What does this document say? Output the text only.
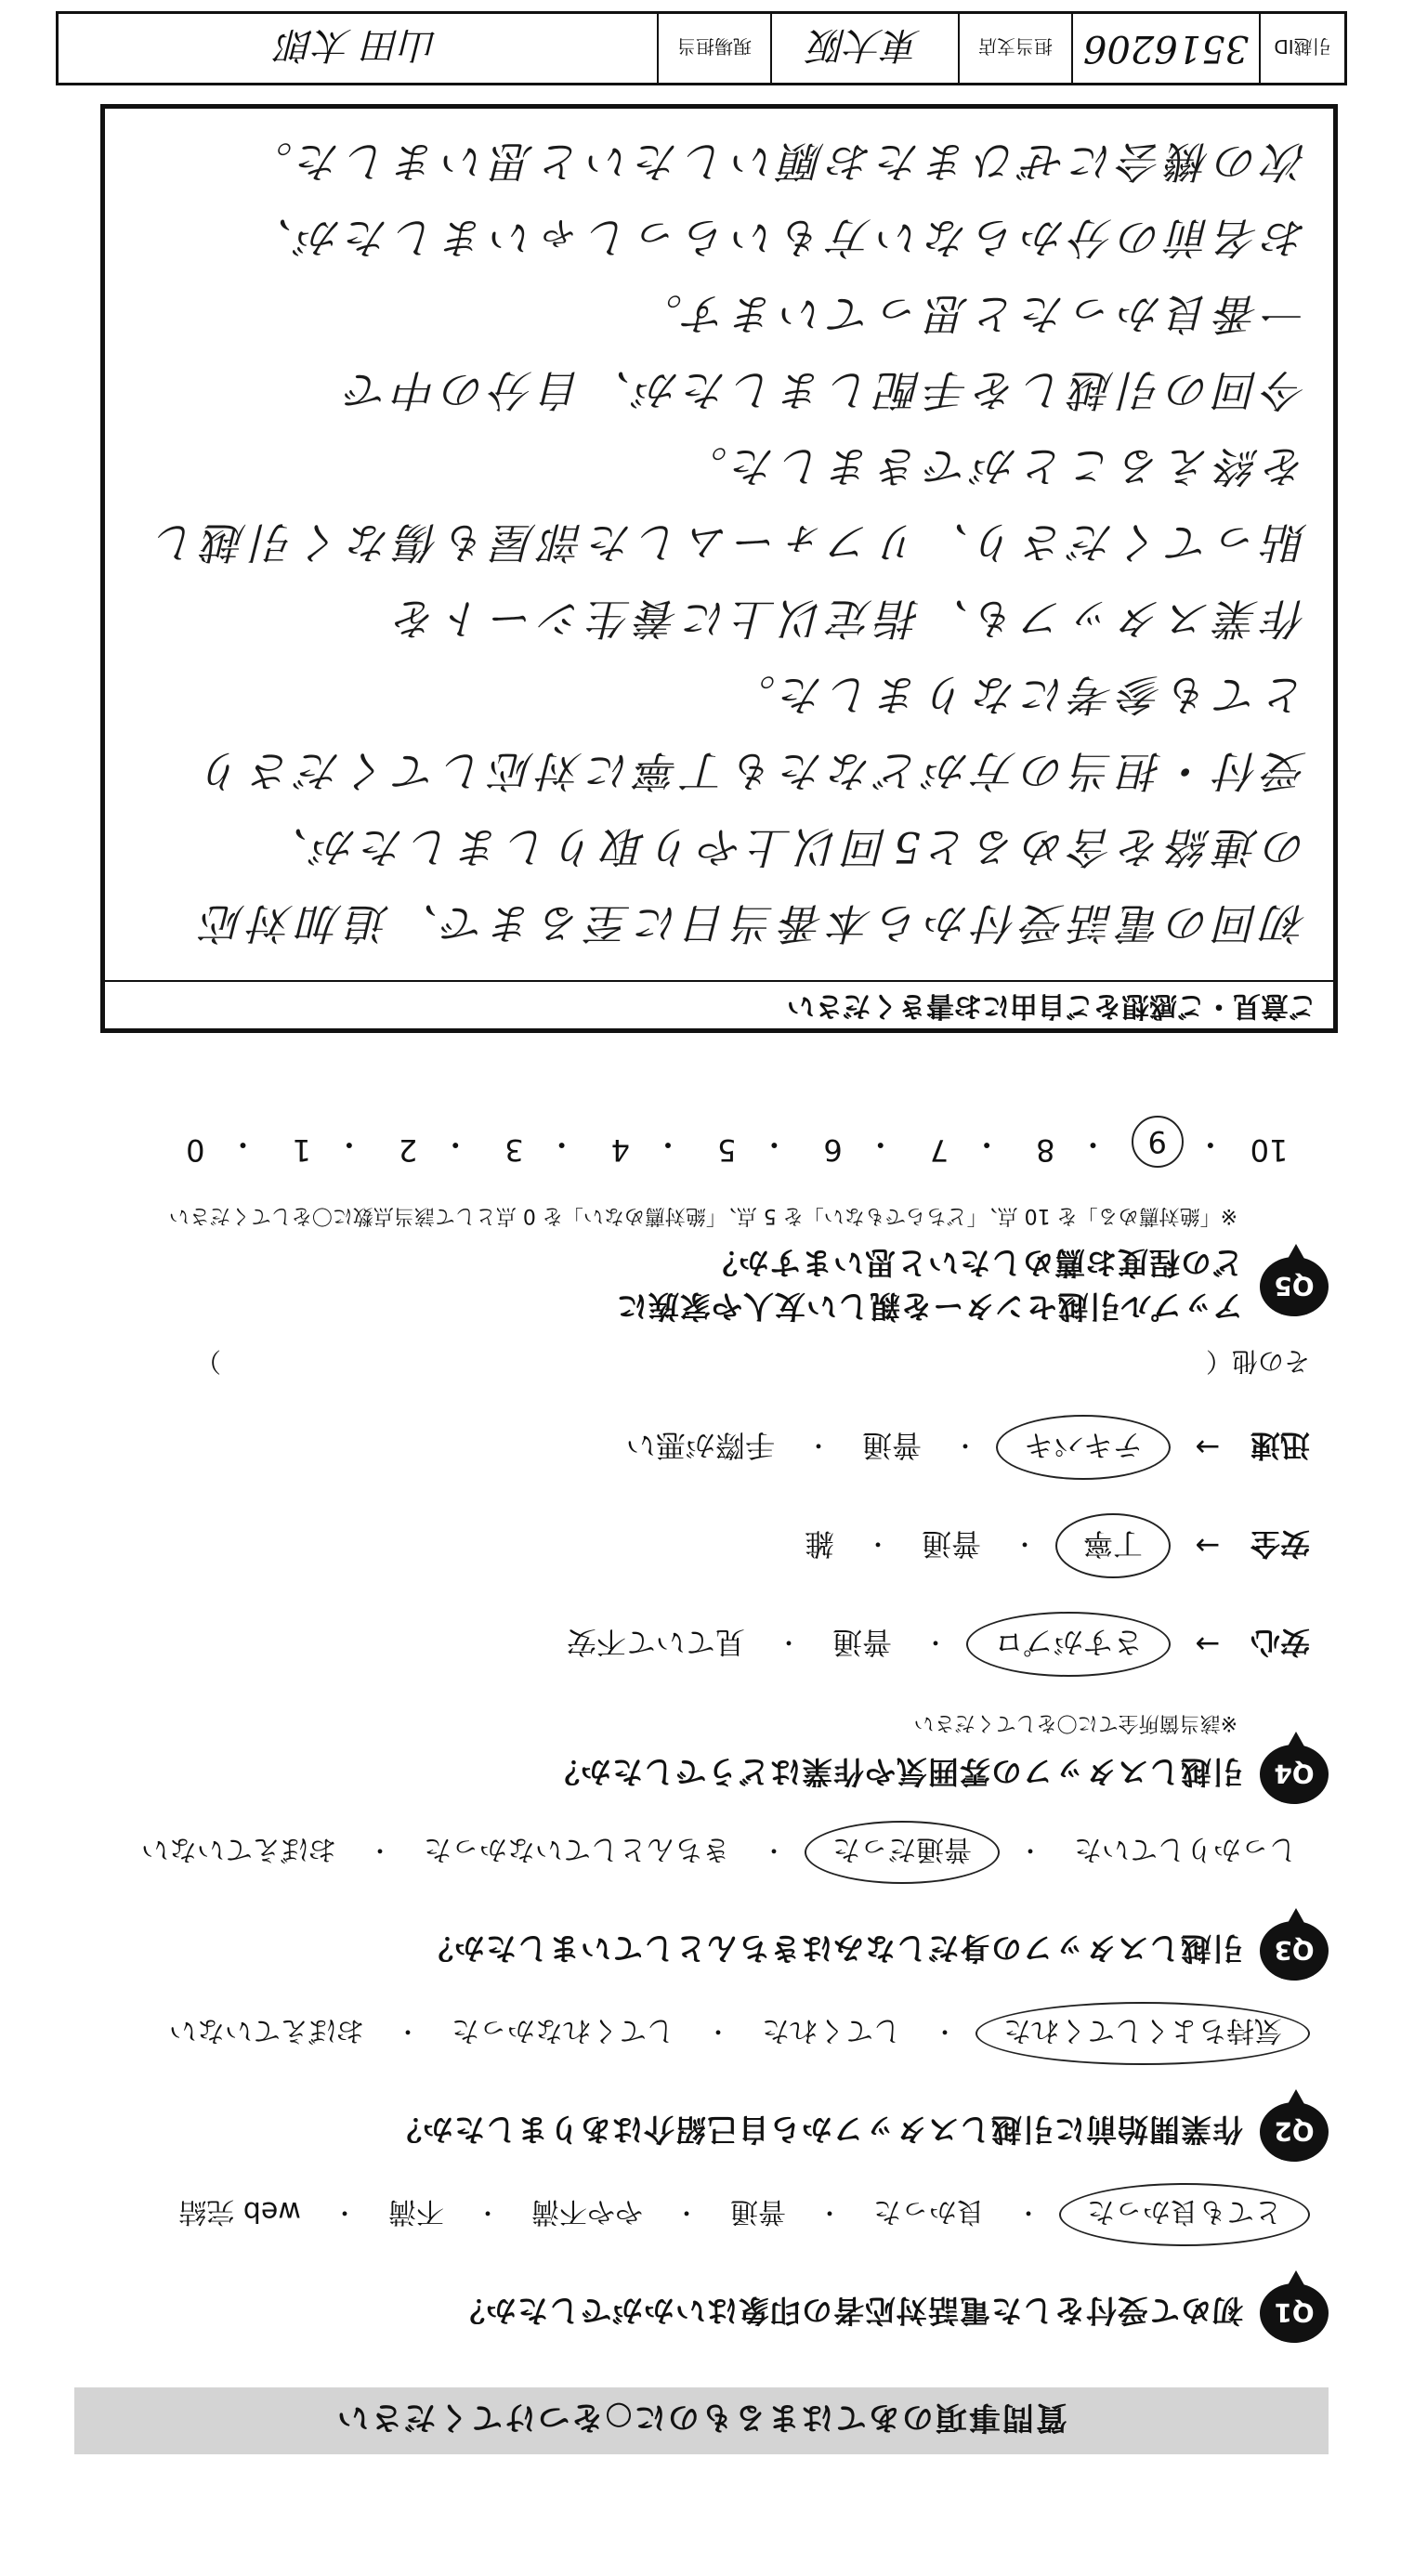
質問事項のあてはまるものに○をつけてください
Q1
初めて受付をした電話対応者の印象はいかがでしたか？
とても良かった
・
良かった
・
普通
・
やや不満
・
不満
・
web 完結
Q2
作業開始前に引越しスタッフから自己紹介はありましたか？
気持ちよくしてくれた
・
してくれた
・
してくれなかった
・
おぼえていない
Q3
引越しスタッフの身だしなみはきちんとしていましたか？
しっかりしていた
・
普通だった
・
きちんとしていなかった
・
おぼえていない
Q4
引越しスタッフの雰囲気や作業はどうでしたか？
※該当箇所全てに〇をしてください
安心
→
さすがプロ
・
普通
・
見ていて不安
安全
→
丁寧
・
普通
・
雑
迅速
→
テキパキ
・
普通
・
手際が悪い
その他（
）
Q5
アップル引越センターを親しい友人や家族に
どの程度お薦めしたいと思いますか？
※「絶対薦める」を 10 点、「どちらでもない」を 5 点、「絶対薦めない」を 0 点として該当点数に〇をしてください
10
・
9
・
8
・
7
・
6
・
5
・
4
・
3
・
2
・
1
・
0
ご意見・ご感想をご自由にお書きください
初回の電話受付から本番当日に至るまで、追加対応
の連絡を含めると5回以上やり取りしましたが、
受付・担当の方がどなたも丁寧に対応してくださり
とても参考になりました。
作業スタッフも、指定以上に養生シートを
貼ってくださり、リフォームした部屋も傷なく引越し
を終えることができました。
今回の引越しを手配しましたが、自分の中で
一番良かったと思っています。
お名前の分からない方もいらっしゃいましたが、
次の機会にぜひまたお願いしたいと思いました。
引越ID
3516206
担当支店
東大阪
現場担当
山田 太郎
